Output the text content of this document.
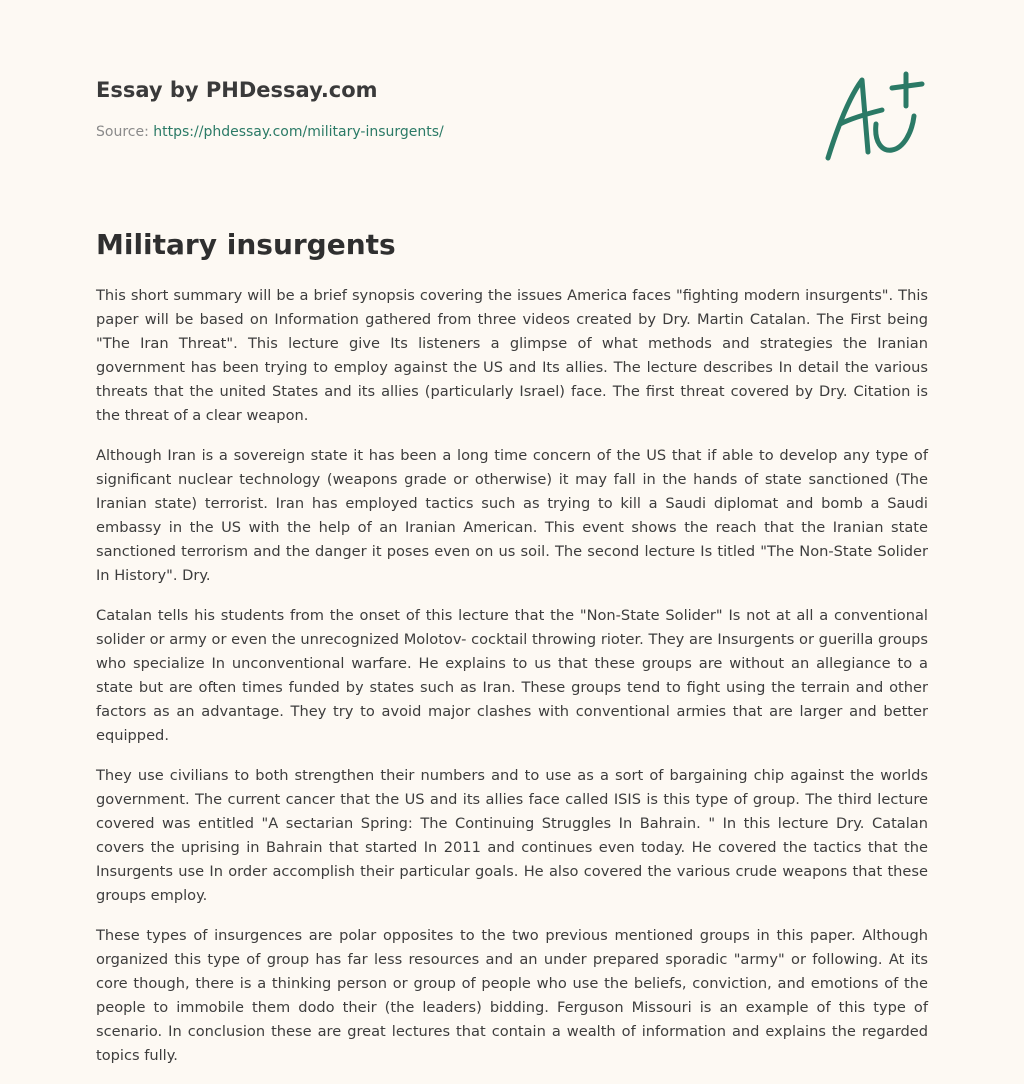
Essay by PHDessay.com
Source: https://phdessay.com/military-insurgents/
Military insurgents

This short summary will be a brief synopsis covering the issues America faces "fighting modern insurgents". This paper will be based on Information gathered from three videos created by Dry. Martin Catalan. The First being "The Iran Threat". This lecture give Its listeners a glimpse of what methods and strategies the Iranian government has been trying to employ against the US and Its allies. The lecture describes In detail the various threats that the united States and its allies (particularly Israel) face. The first threat covered by Dry. Citation is the threat of a clear weapon.

Although Iran is a sovereign state it has been a long time concern of the US that if able to develop any type of significant nuclear technology (weapons grade or otherwise) it may fall in the hands of state sanctioned (The Iranian state) terrorist. Iran has employed tactics such as trying to kill a Saudi diplomat and bomb a Saudi embassy in the US with the help of an Iranian American. This event shows the reach that the Iranian state sanctioned terrorism and the danger it poses even on us soil. The second lecture Is titled "The Non-State Solider In History". Dry.

Catalan tells his students from the onset of this lecture that the "Non-State Solider" Is not at all a conventional solider or army or even the unrecognized Molotov- cocktail throwing rioter. They are Insurgents or guerilla groups who specialize In unconventional warfare. He explains to us that these groups are without an allegiance to a state but are often times funded by states such as Iran. These groups tend to fight using the terrain and other factors as an advantage. They try to avoid major clashes with conventional armies that are larger and better equipped.

They use civilians to both strengthen their numbers and to use as a sort of bargaining chip against the worlds government. The current cancer that the US and its allies face called ISIS is this type of group. The third lecture covered was entitled "A sectarian Spring: The Continuing Struggles In Bahrain. " In this lecture Dry. Catalan covers the uprising in Bahrain that started In 2011 and continues even today. He covered the tactics that the Insurgents use In order accomplish their particular goals. He also covered the various crude weapons that these groups employ.

These types of insurgences are polar opposites to the two previous mentioned groups in this paper. Although organized this type of group has far less resources and an under prepared sporadic "army" or following. At its core though, there is a thinking person or group of people who use the beliefs, conviction, and emotions of the people to immobile them dodo their (the leaders) bidding. Ferguson Missouri is an example of this type of scenario. In conclusion these are great lectures that contain a wealth of information and explains the regarded topics fully.
